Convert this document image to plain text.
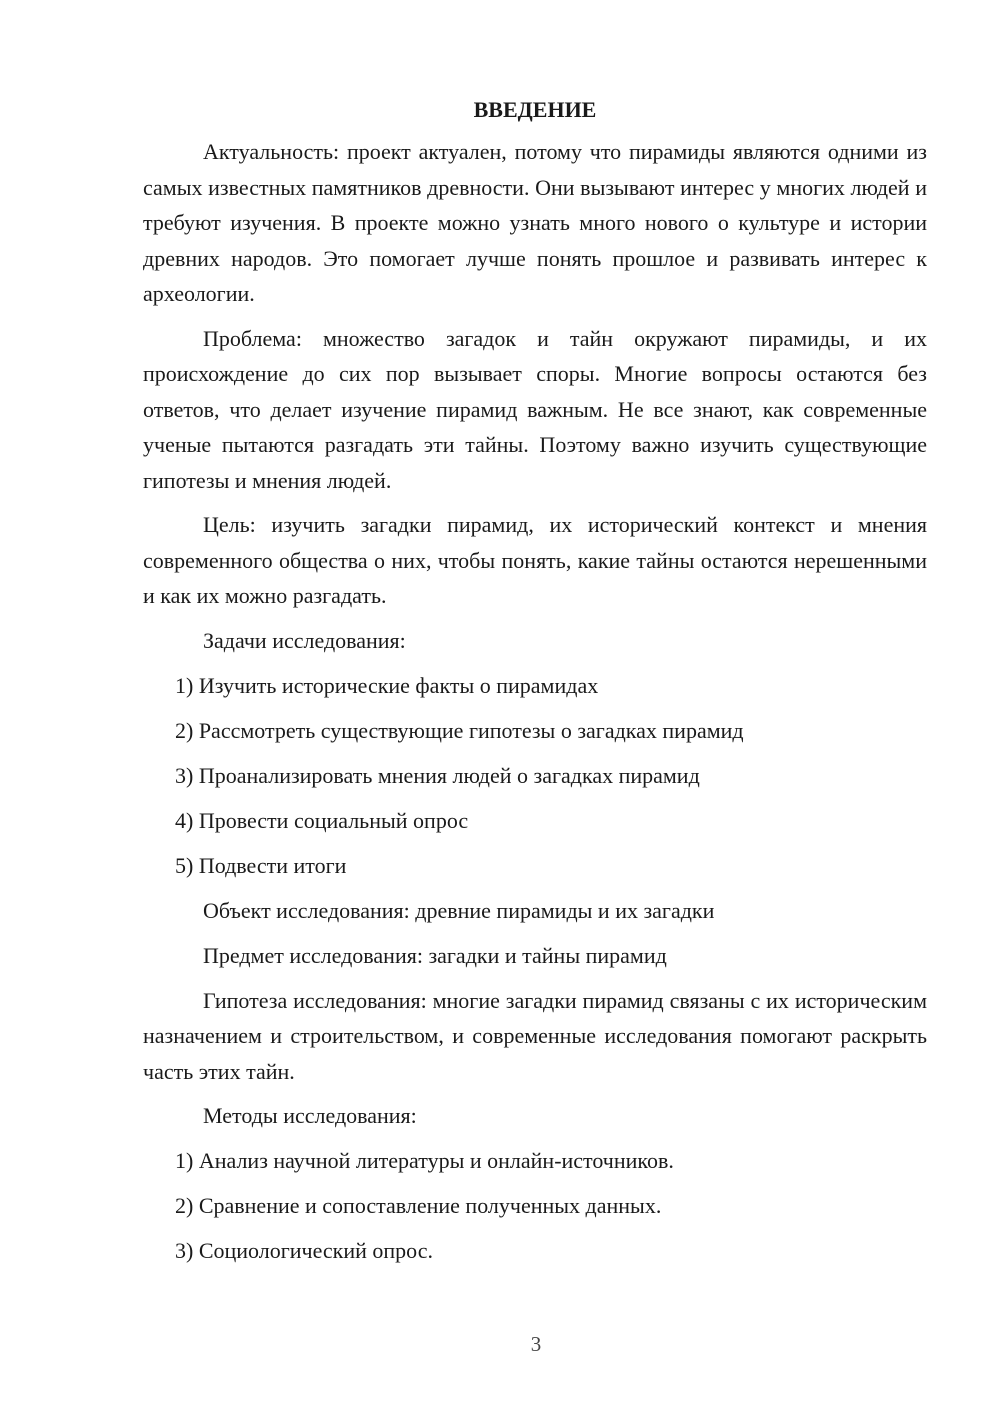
ВВЕДЕНИЕ

Актуальность: проект актуален, потому что пирамиды являются одними из самых известных памятников древности. Они вызывают интерес у многих людей и требуют изучения. В проекте можно узнать много нового о культуре и истории древних народов. Это помогает лучше понять прошлое и развивать интерес к археологии.

Проблема: множество загадок и тайн окружают пирамиды, и их происхождение до сих пор вызывает споры. Многие вопросы остаются без ответов, что делает изучение пирамид важным. Не все знают, как современные ученые пытаются разгадать эти тайны. Поэтому важно изучить существующие гипотезы и мнения людей.

Цель: изучить загадки пирамид, их исторический контекст и мнения современного общества о них, чтобы понять, какие тайны остаются нерешенными и как их можно разгадать.

Задачи исследования:
1) Изучить исторические факты о пирамидах
2) Рассмотреть существующие гипотезы о загадках пирамид
3) Проанализировать мнения людей о загадках пирамид
4) Провести социальный опрос
5) Подвести итоги
Объект исследования: древние пирамиды и их загадки
Предмет исследования: загадки и тайны пирамид

Гипотеза исследования: многие загадки пирамид связаны с их историческим назначением и строительством, и современные исследования помогают раскрыть часть этих тайн.

Методы исследования:
1) Анализ научной литературы и онлайн-источников.
2) Сравнение и сопоставление полученных данных.
3) Социологический опрос.
3
